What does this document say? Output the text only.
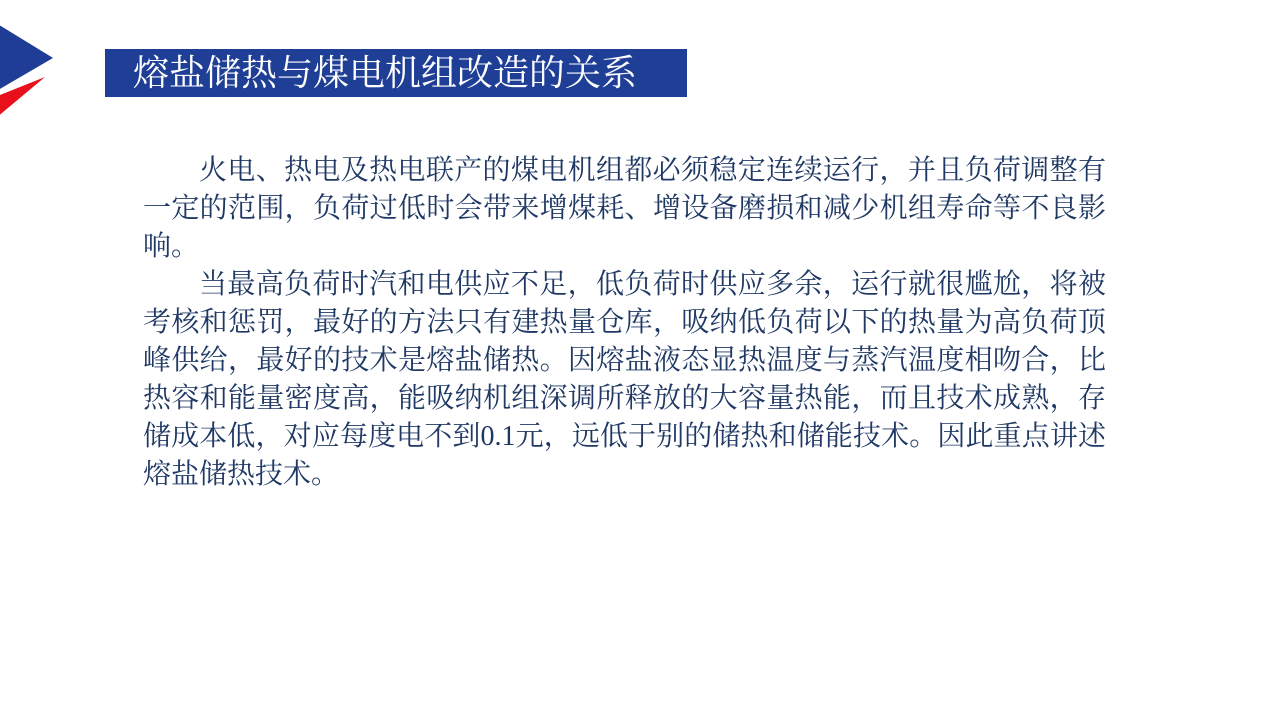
熔盐储热与煤电机组改造的关系

火电、热电及热电联产的煤电机组都必须稳定连续运行，并且负荷调整有一定的范围，负荷过低时会带来增煤耗、增设备磨损和减少机组寿命等不良影响。

当最高负荷时汽和电供应不足，低负荷时供应多余，运行就很尴尬，将被考核和惩罚，最好的方法只有建热量仓库，吸纳低负荷以下的热量为高负荷顶峰供给，最好的技术是熔盐储热。因熔盐液态显热温度与蒸汽温度相吻合，比热容和能量密度高，能吸纳机组深调所释放的大容量热能，而且技术成熟，存储成本低，对应每度电不到0.1元，远低于别的储热和储能技术。因此重点讲述熔盐储热技术。
